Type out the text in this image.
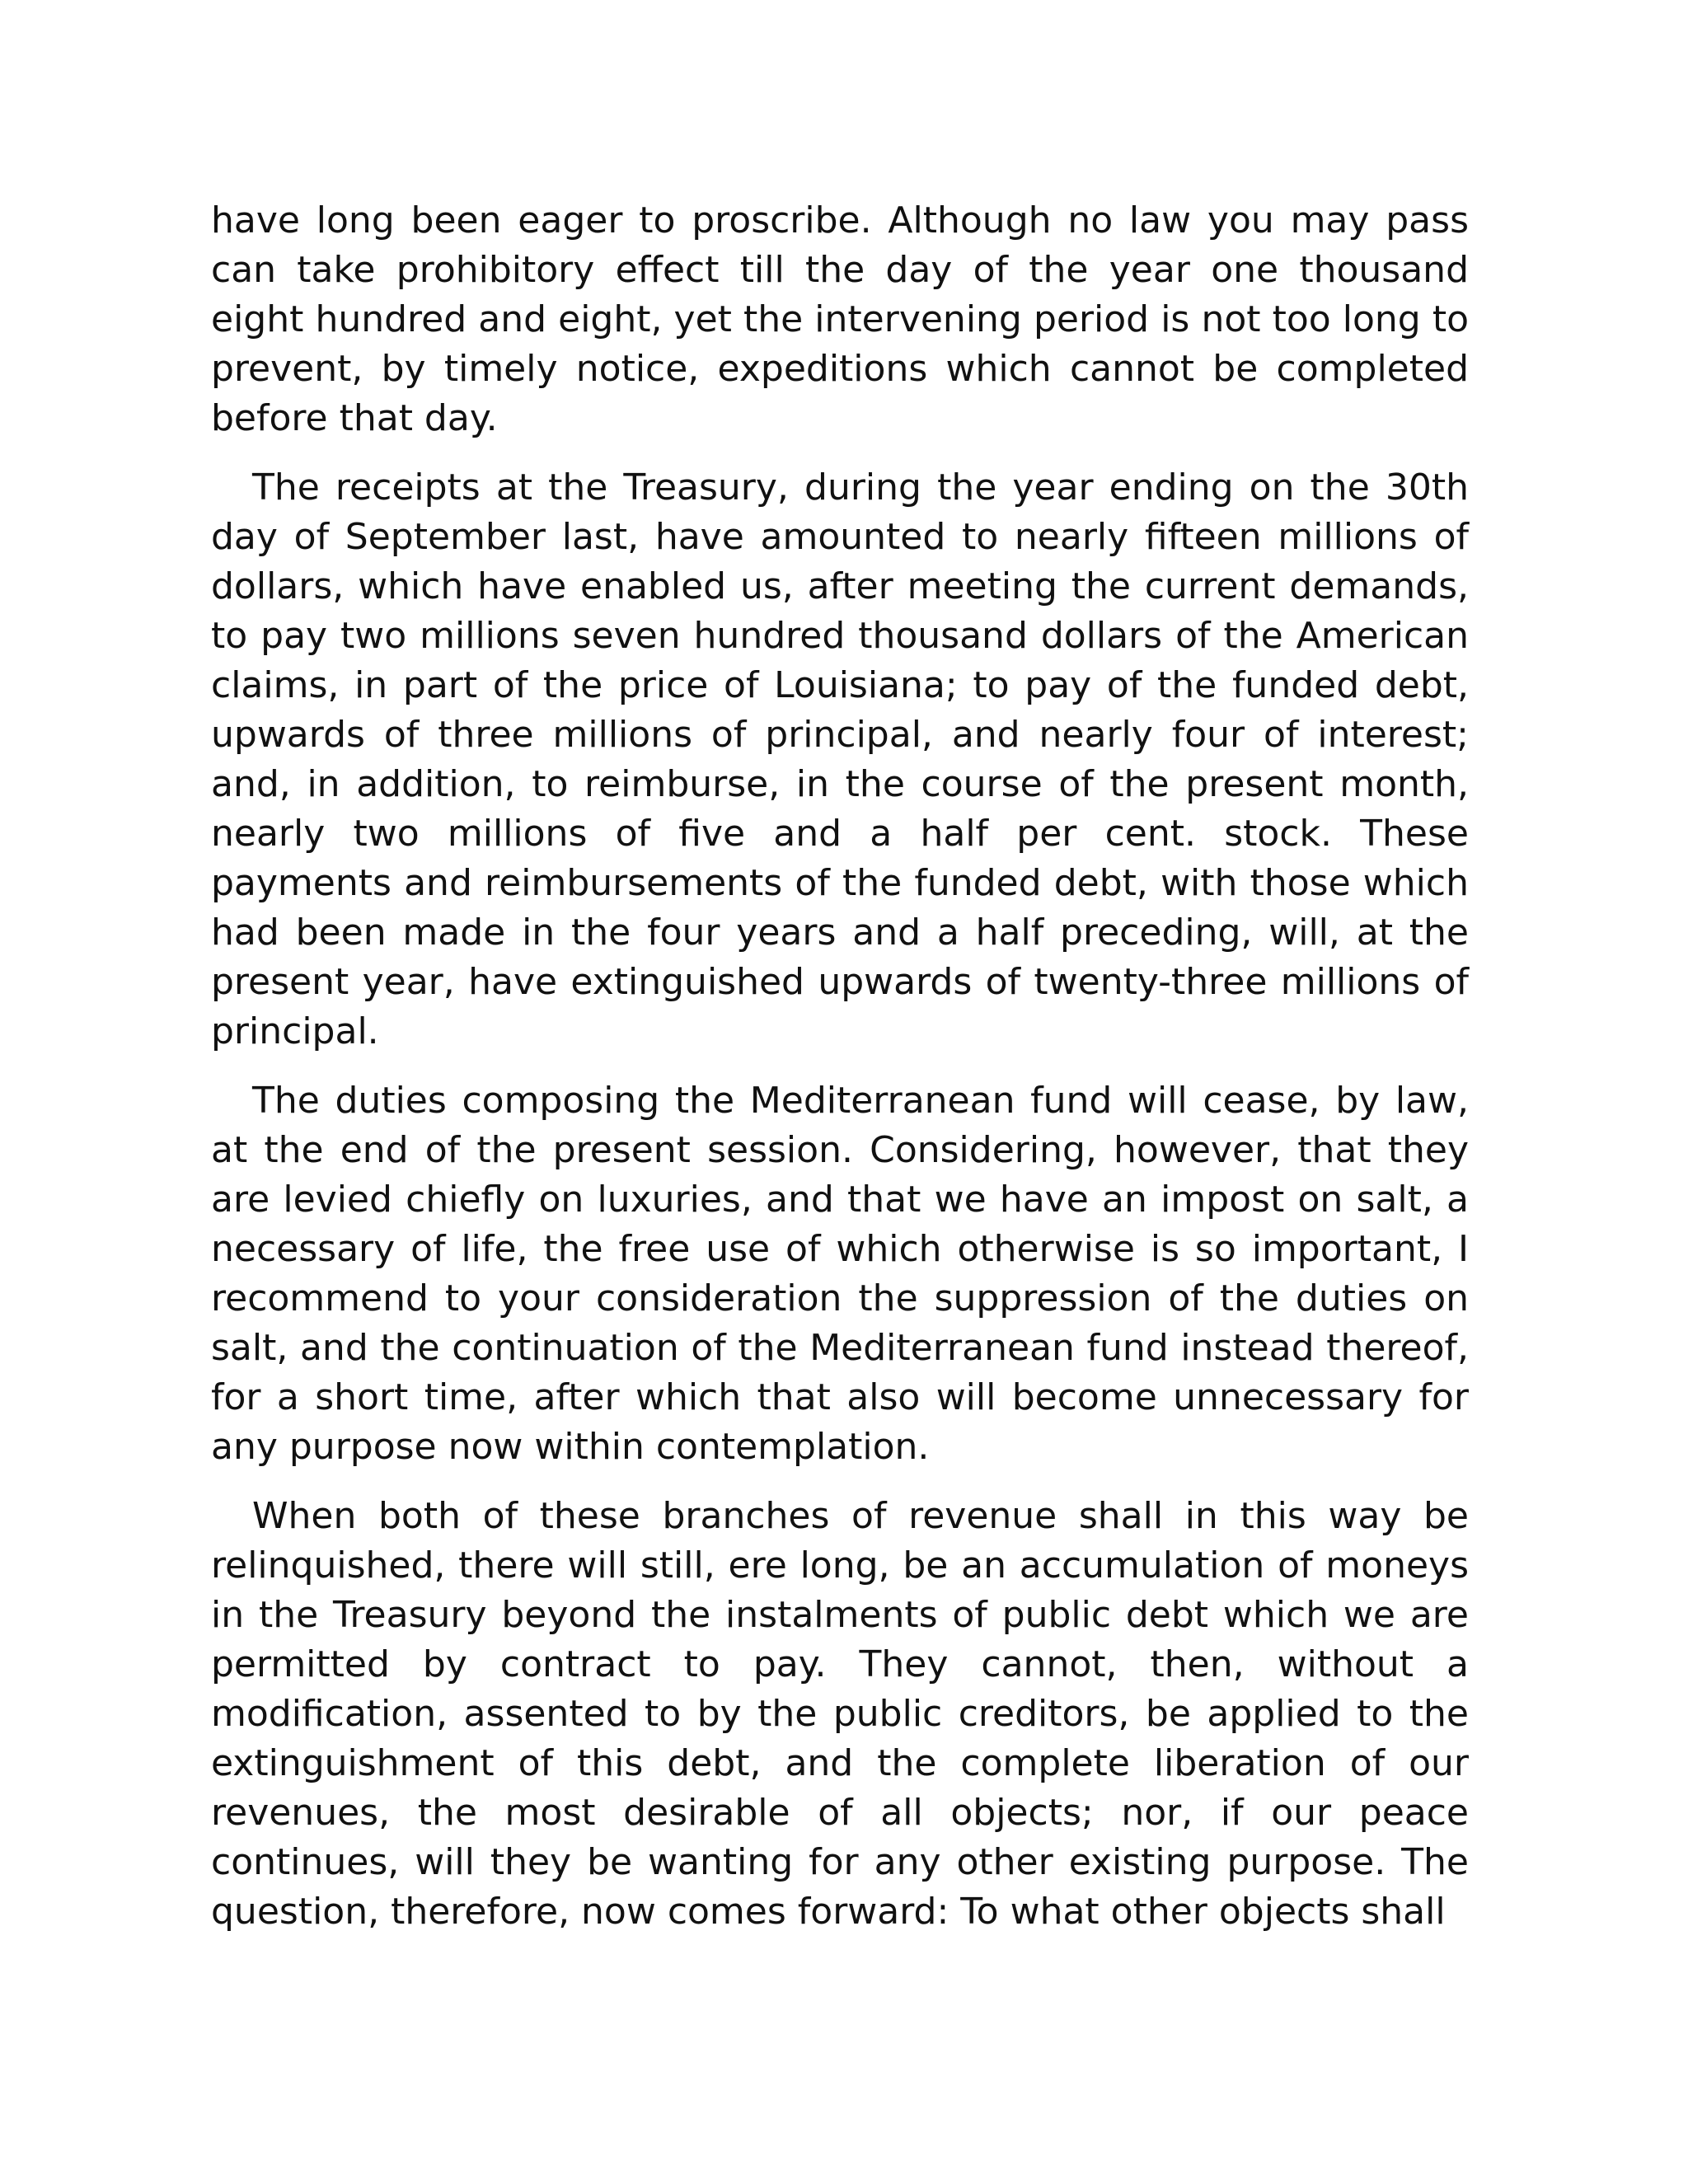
have long been eager to proscribe. Although no law you may pass can take prohibitory effect till the day of the year one thousand eight hundred and eight, yet the intervening period is not too long to prevent, by timely notice, expeditions which cannot be completed before that day.

The receipts at the Treasury, during the year ending on the 30th day of September last, have amounted to nearly fifteen millions of dollars, which have enabled us, after meeting the current demands, to pay two millions seven hundred thousand dollars of the American claims, in part of the price of Louisiana; to pay of the funded debt, upwards of three millions of principal, and nearly four of interest; and, in addition, to reimburse, in the course of the present month, nearly two millions of five and a half per cent. stock. These payments and reimbursements of the funded debt, with those which had been made in the four years and a half preceding, will, at the present year, have extinguished upwards of twenty-three millions of principal.

The duties composing the Mediterranean fund will cease, by law, at the end of the present session. Considering, however, that they are levied chiefly on luxuries, and that we have an impost on salt, a necessary of life, the free use of which otherwise is so important, I recommend to your consideration the suppression of the duties on salt, and the continuation of the Mediterranean fund instead thereof, for a short time, after which that also will become unnecessary for any purpose now within contemplation.

When both of these branches of revenue shall in this way be relinquished, there will still, ere long, be an accumulation of moneys in the Treasury beyond the instalments of public debt which we are permitted by contract to pay. They cannot, then, without a modification, assented to by the public creditors, be applied to the extinguishment of this debt, and the complete liberation of our revenues, the most desirable of all objects; nor, if our peace continues, will they be wanting for any other existing purpose. The question, therefore, now comes forward: To what other objects shall
